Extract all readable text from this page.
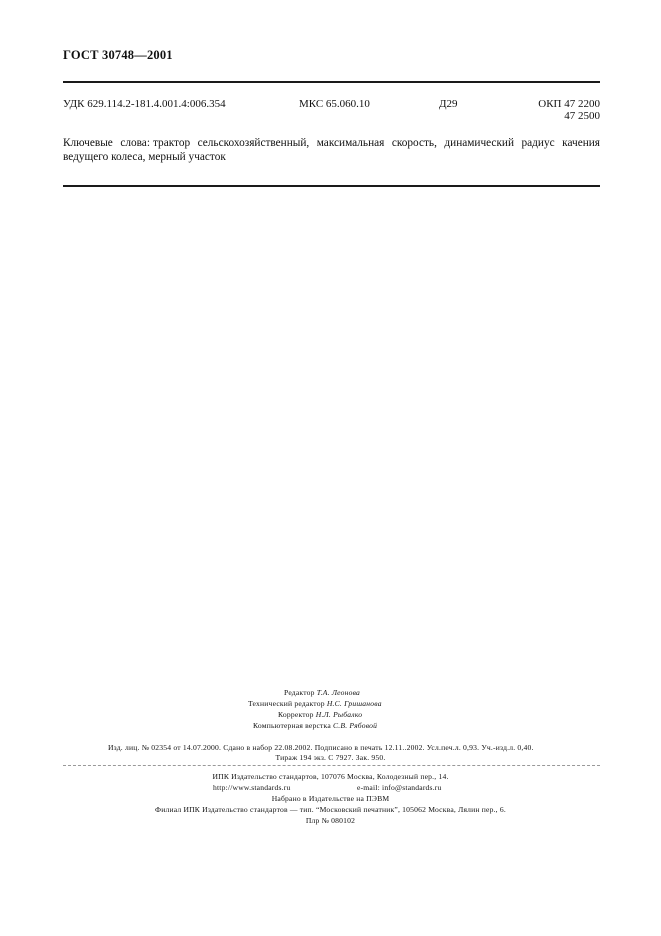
ГОСТ 30748—2001
УДК 629.114.2-181.4.001.4:006.354	МКС 65.060.10	Д29	ОКП 47 2200
47 2500
Ключевые слова: трактор сельскохозяйственный, максимальная скорость, динамический радиус качения ведущего колеса, мерный участок
Редактор Т.А. Леонова
Технический редактор Н.С. Гришанова
Корректор Н.Л. Рыбалко
Компьютерная верстка С.В. Рябовой
Изд. лиц. № 02354 от 14.07.2000. Сдано в набор 22.08.2002. Подписано в печать 12.11..2002. Усл.печ.л. 0,93. Уч.-изд.л. 0,40.
Тираж 194 экз. С 7927. Зак. 950.
ИПК Издательство стандартов, 107076 Москва, Колодезный пер., 14.
http://www.standards.ru	e-mail: info@standards.ru
Набрано в Издательстве на ПЭВМ
Филиал ИПК Издательство стандартов — тип. “Московский печатник”, 105062 Москва, Лялин пер., 6.
Плр № 080102
